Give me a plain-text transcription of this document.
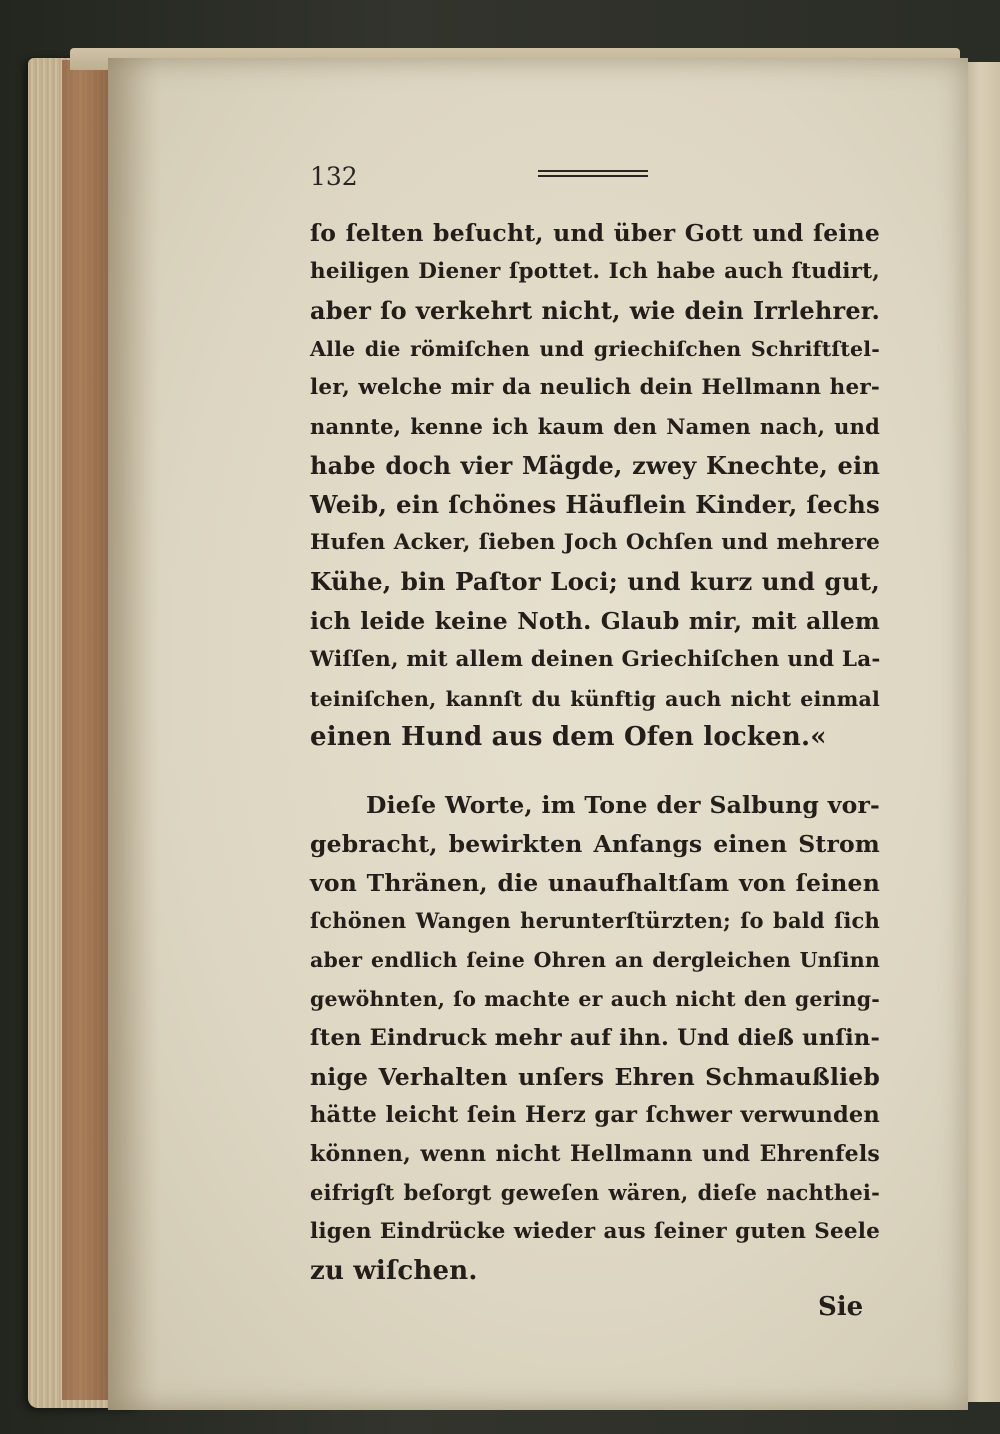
132
ſo ſelten beſucht, und über Gott und ſeine
heiligen Diener ſpottet. Ich habe auch ſtudirt,
aber ſo verkehrt nicht, wie dein Irrlehrer.
Alle die römiſchen und griechiſchen Schriftſtel-
ler, welche mir da neulich dein Hellmann her-
nannte, kenne ich kaum den Namen nach, und
habe doch vier Mägde, zwey Knechte, ein
Weib, ein ſchönes Häuflein Kinder, ſechs
Hufen Acker, ſieben Joch Ochſen und mehrere
Kühe, bin Paſtor Loci; und kurz und gut,
ich leide keine Noth. Glaub mir, mit allem
Wiſſen, mit allem deinen Griechiſchen und La-
teiniſchen, kannſt du künftig auch nicht einmal
einen Hund aus dem Ofen locken.«
Dieſe Worte, im Tone der Salbung vor-
gebracht, bewirkten Anfangs einen Strom
von Thränen, die unaufhaltſam von ſeinen
ſchönen Wangen herunterſtürzten; ſo bald ſich
aber endlich ſeine Ohren an dergleichen Unſinn
gewöhnten, ſo machte er auch nicht den gering-
ſten Eindruck mehr auf ihn. Und dieß unſin-
nige Verhalten unſers Ehren Schmaußlieb
hätte leicht ſein Herz gar ſchwer verwunden
können, wenn nicht Hellmann und Ehrenfels
eifrigſt beſorgt geweſen wären, dieſe nachthei-
ligen Eindrücke wieder aus ſeiner guten Seele
zu wiſchen.
Sie
